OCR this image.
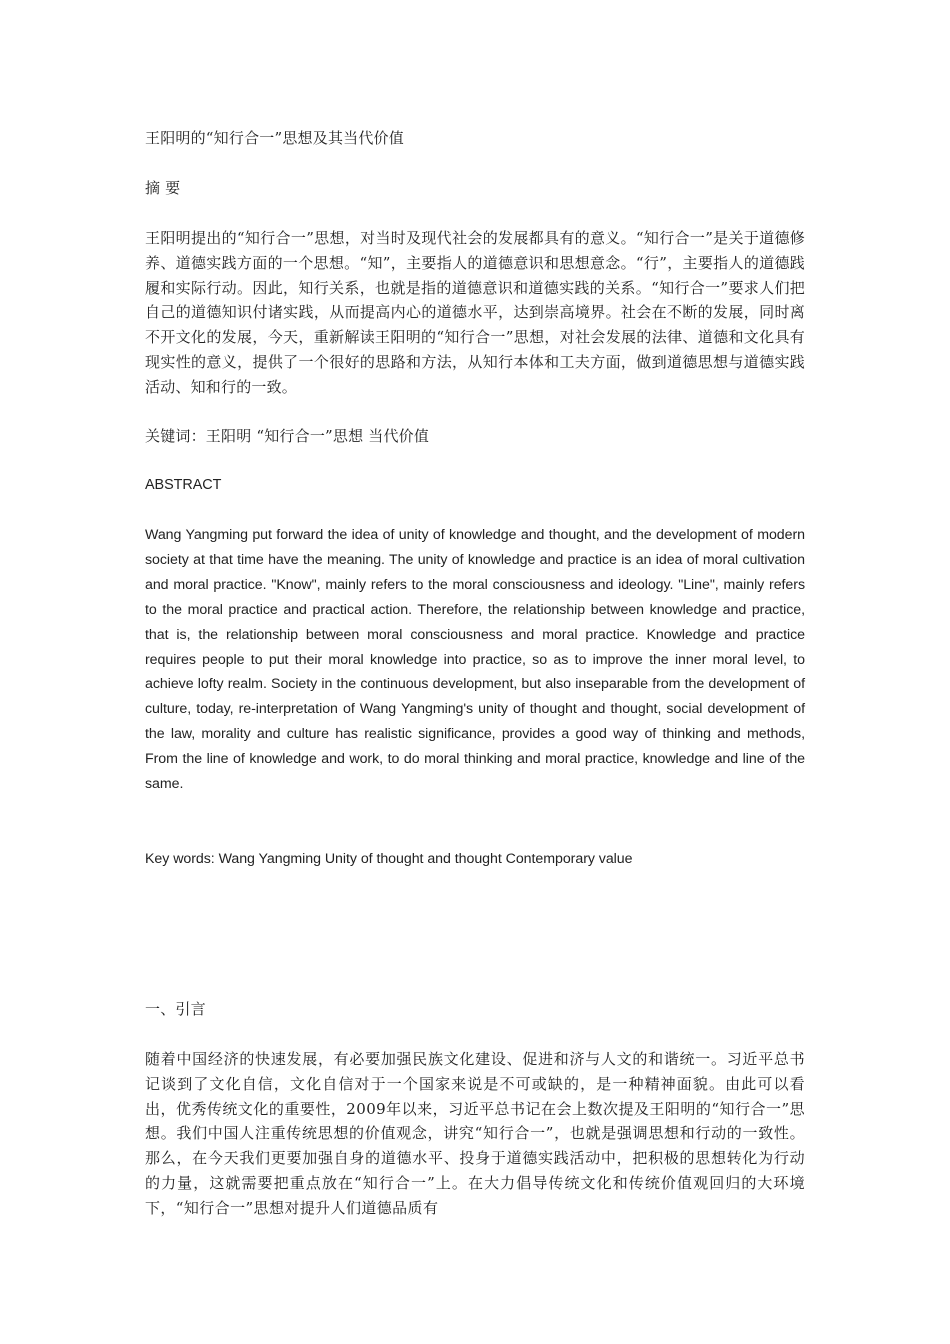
王阳明的“知行合一”思想及其当代价值

摘 要

王阳明提出的“知行合一”思想，对当时及现代社会的发展都具有的意义。“知行合一”是关于道德修养、道德实践方面的一个思想。“知”，主要指人的道德意识和思想意念。“行”，主要指人的道德践履和实际行动。因此，知行关系，也就是指的道德意识和道德实践的关系。“知行合一”要求人们把自己的道德知识付诸实践，从而提高内心的道德水平，达到崇高境界。社会在不断的发展，同时离不开文化的发展，今天，重新解读王阳明的“知行合一”思想，对社会发展的法律、道德和文化具有现实性的意义，提供了一个很好的思路和方法，从知行本体和工夫方面，做到道德思想与道德实践活动、知和行的一致。

关键词：王阳明 “知行合一”思想 当代价值

ABSTRACT

Wang Yangming put forward the idea of unity of knowledge and thought, and the development of modern society at that time have the meaning. The unity of knowledge and practice is an idea of moral cultivation and moral practice. "Know", mainly refers to the moral consciousness and ideology. "Line", mainly refers to the moral practice and practical action. Therefore, the relationship between knowledge and practice, that is, the relationship between moral consciousness and moral practice. Knowledge and practice requires people to put their moral knowledge into practice, so as to improve the inner moral level, to achieve lofty realm. Society in the continuous development, but also inseparable from the development of culture, today, re-interpretation of Wang Yangming's unity of thought and thought, social development of the law, morality and culture has realistic significance, provides a good way of thinking and methods, From the line of knowledge and work, to do moral thinking and moral practice, knowledge and line of the same.

Key words: Wang Yangming Unity of thought and thought Contemporary value

一、引言

随着中国经济的快速发展，有必要加强民族文化建设、促进和济与人文的和谐统一。习近平总书记谈到了文化自信，文化自信对于一个国家来说是不可或缺的，是一种精神面貌。由此可以看出，优秀传统文化的重要性，2009年以来，习近平总书记在会上数次提及王阳明的“知行合一”思想。我们中国人注重传统思想的价值观念，讲究“知行合一”，也就是强调思想和行动的一致性。那么，在今天我们更要加强自身的道德水平、投身于道德实践活动中，把积极的思想转化为行动的力量，这就需要把重点放在“知行合一”上。在大力倡导传统文化和传统价值观回归的大环境下，“知行合一”思想对提升人们道德品质有
